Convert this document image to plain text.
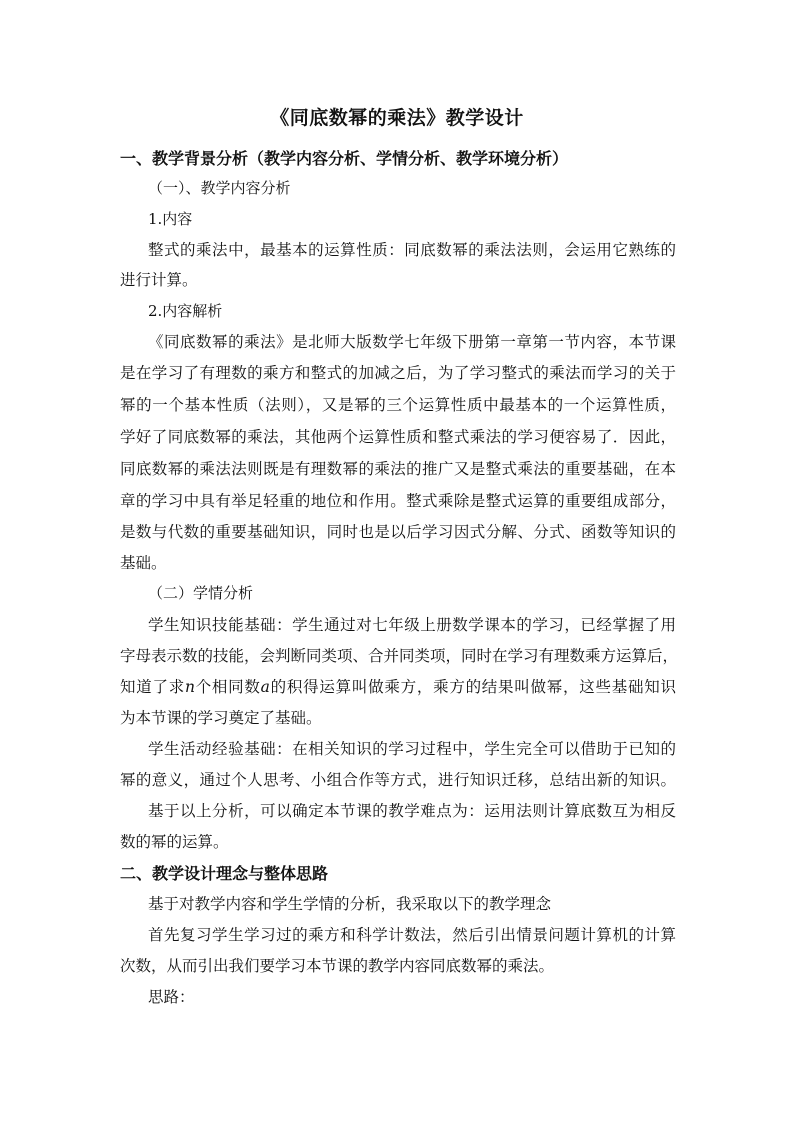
《同底数幂的乘法》教学设计
一、教学背景分析（教学内容分析、学情分析、教学环境分析）
（一）、教学内容分析
1.内容
整式的乘法中，最基本的运算性质：同底数幂的乘法法则，会运用它熟练的
进行计算。
2.内容解析
《同底数幂的乘法》是北师大版数学七年级下册第一章第一节内容，本节课
是在学习了有理数的乘方和整式的加减之后，为了学习整式的乘法而学习的关于
幂的一个基本性质（法则），又是幂的三个运算性质中最基本的一个运算性质，
学好了同底数幂的乘法，其他两个运算性质和整式乘法的学习便容易了．因此，
同底数幂的乘法法则既是有理数幂的乘法的推广又是整式乘法的重要基础，在本
章的学习中具有举足轻重的地位和作用。整式乘除是整式运算的重要组成部分，
是数与代数的重要基础知识，同时也是以后学习因式分解、分式、函数等知识的
基础。
（二）学情分析
学生知识技能基础：学生通过对七年级上册数学课本的学习，已经掌握了用
字母表示数的技能，会判断同类项、合并同类项，同时在学习有理数乘方运算后，
知道了求n个相同数a的积得运算叫做乘方，乘方的结果叫做幂，这些基础知识
为本节课的学习奠定了基础。
学生活动经验基础：在相关知识的学习过程中，学生完全可以借助于已知的
幂的意义，通过个人思考、小组合作等方式，进行知识迁移，总结出新的知识。
基于以上分析，可以确定本节课的教学难点为：运用法则计算底数互为相反
数的幂的运算。
二、教学设计理念与整体思路
基于对教学内容和学生学情的分析，我采取以下的教学理念
首先复习学生学习过的乘方和科学计数法，然后引出情景问题计算机的计算
次数，从而引出我们要学习本节课的教学内容同底数幂的乘法。
思路：
